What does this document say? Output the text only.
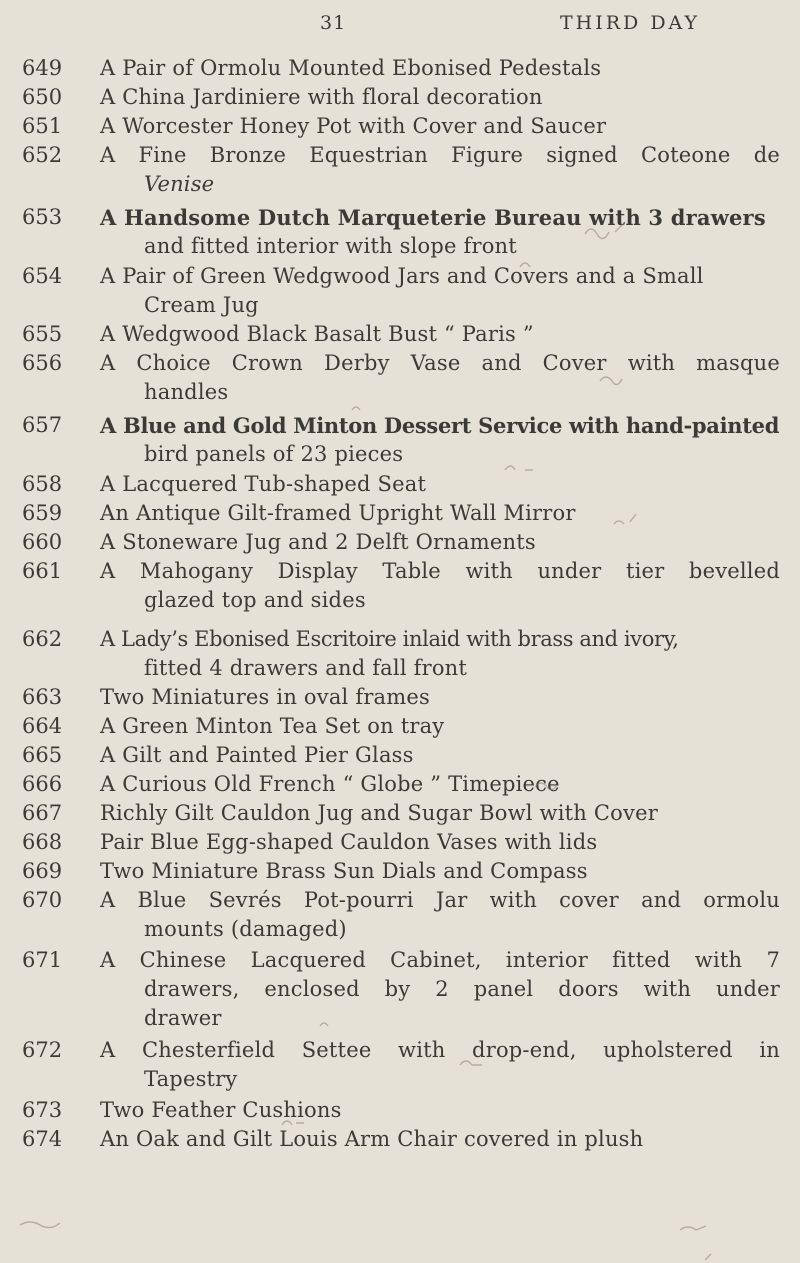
31	THIRD DAY
649	A Pair of Ormolu Mounted Ebonised Pedestals
650	A China Jardiniere with floral decoration
651	A Worcester Honey Pot with Cover and Saucer
652	A Fine Bronze Equestrian Figure signed Coteone de
Venise
653	A Handsome Dutch Marqueterie Bureau with 3 drawers
and fitted interior with slope front
654	A Pair of Green Wedgwood Jars and Covers and a Small
Cream Jug
655	A Wedgwood Black Basalt Bust “ Paris ”
656	A Choice Crown Derby Vase and Cover with masque
handles
657	A Blue and Gold Minton Dessert Service with hand-painted
bird panels of 23 pieces
658	A Lacquered Tub-shaped Seat
659	An Antique Gilt-framed Upright Wall Mirror
660	A Stoneware Jug and 2 Delft Ornaments
661	A Mahogany Display Table with under tier bevelled
glazed top and sides
662	A Lady’s Ebonised Escritoire inlaid with brass and ivory,
fitted 4 drawers and fall front
663	Two Miniatures in oval frames
664	A Green Minton Tea Set on tray
665	A Gilt and Painted Pier Glass
666	A Curious Old French “ Globe ” Timepiece
667	Richly Gilt Cauldon Jug and Sugar Bowl with Cover
668	Pair Blue Egg-shaped Cauldon Vases with lids
669	Two Miniature Brass Sun Dials and Compass
670	A Blue Sevrés Pot-pourri Jar with cover and ormolu
mounts (damaged)
671	A Chinese Lacquered Cabinet, interior fitted with 7
drawers, enclosed by 2 panel doors with under
drawer
672	A Chesterfield Settee with drop-end, upholstered in
Tapestry
673	Two Feather Cushions
674	An Oak and Gilt Louis Arm Chair covered in plush
